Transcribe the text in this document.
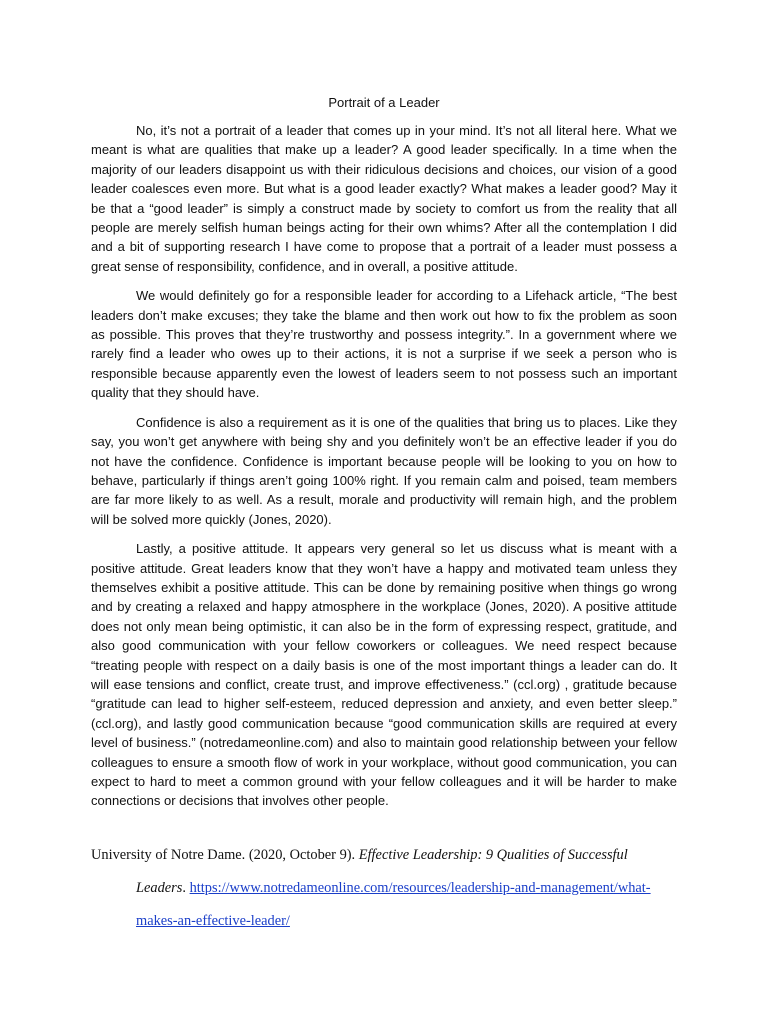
Portrait of a Leader

No, it’s not a portrait of a leader that comes up in your mind. It’s not all literal here. What we meant is what are qualities that make up a leader? A good leader specifically. In a time when the majority of our leaders disappoint us with their ridiculous decisions and choices, our vision of a good leader coalesces even more. But what is a good leader exactly? What makes a leader good? May it be that a “good leader” is simply a construct made by society to comfort us from the reality that all people are merely selfish human beings acting for their own whims? After all the contemplation I did and a bit of supporting research I have come to propose that a portrait of a leader must possess a great sense of responsibility, confidence, and in overall, a positive attitude.

We would definitely go for a responsible leader for according to a Lifehack article, “The best leaders don’t make excuses; they take the blame and then work out how to fix the problem as soon as possible. This proves that they’re trustworthy and possess integrity.”. In a government where we rarely find a leader who owes up to their actions, it is not a surprise if we seek a person who is responsible because apparently even the lowest of leaders seem to not possess such an important quality that they should have.

Confidence is also a requirement as it is one of the qualities that bring us to places. Like they say, you won’t get anywhere with being shy and you definitely won’t be an effective leader if you do not have the confidence. Confidence is important because people will be looking to you on how to behave, particularly if things aren’t going 100% right. If you remain calm and poised, team members are far more likely to as well. As a result, morale and productivity will remain high, and the problem will be solved more quickly (Jones, 2020).

Lastly, a positive attitude. It appears very general so let us discuss what is meant with a positive attitude. Great leaders know that they won’t have a happy and motivated team unless they themselves exhibit a positive attitude. This can be done by remaining positive when things go wrong and by creating a relaxed and happy atmosphere in the workplace (Jones, 2020). A positive attitude does not only mean being optimistic, it can also be in the form of expressing respect, gratitude, and also good communication with your fellow coworkers or colleagues. We need respect because “treating people with respect on a daily basis is one of the most important things a leader can do. It will ease tensions and conflict, create trust, and improve effectiveness.” (ccl.org) , gratitude because “gratitude can lead to higher self-esteem, reduced depression and anxiety, and even better sleep.” (ccl.org), and lastly good communication because “good communication skills are required at every level of business.” (notredameonline.com) and also to maintain good relationship between your fellow colleagues to ensure a smooth flow of work in your workplace, without good communication, you can expect to hard to meet a common ground with your fellow colleagues and it will be harder to make connections or decisions that involves other people.

University of Notre Dame. (2020, October 9). Effective Leadership: 9 Qualities of Successful Leaders. https://www.notredameonline.com/resources/leadership-and-management/what-makes-an-effective-leader/
